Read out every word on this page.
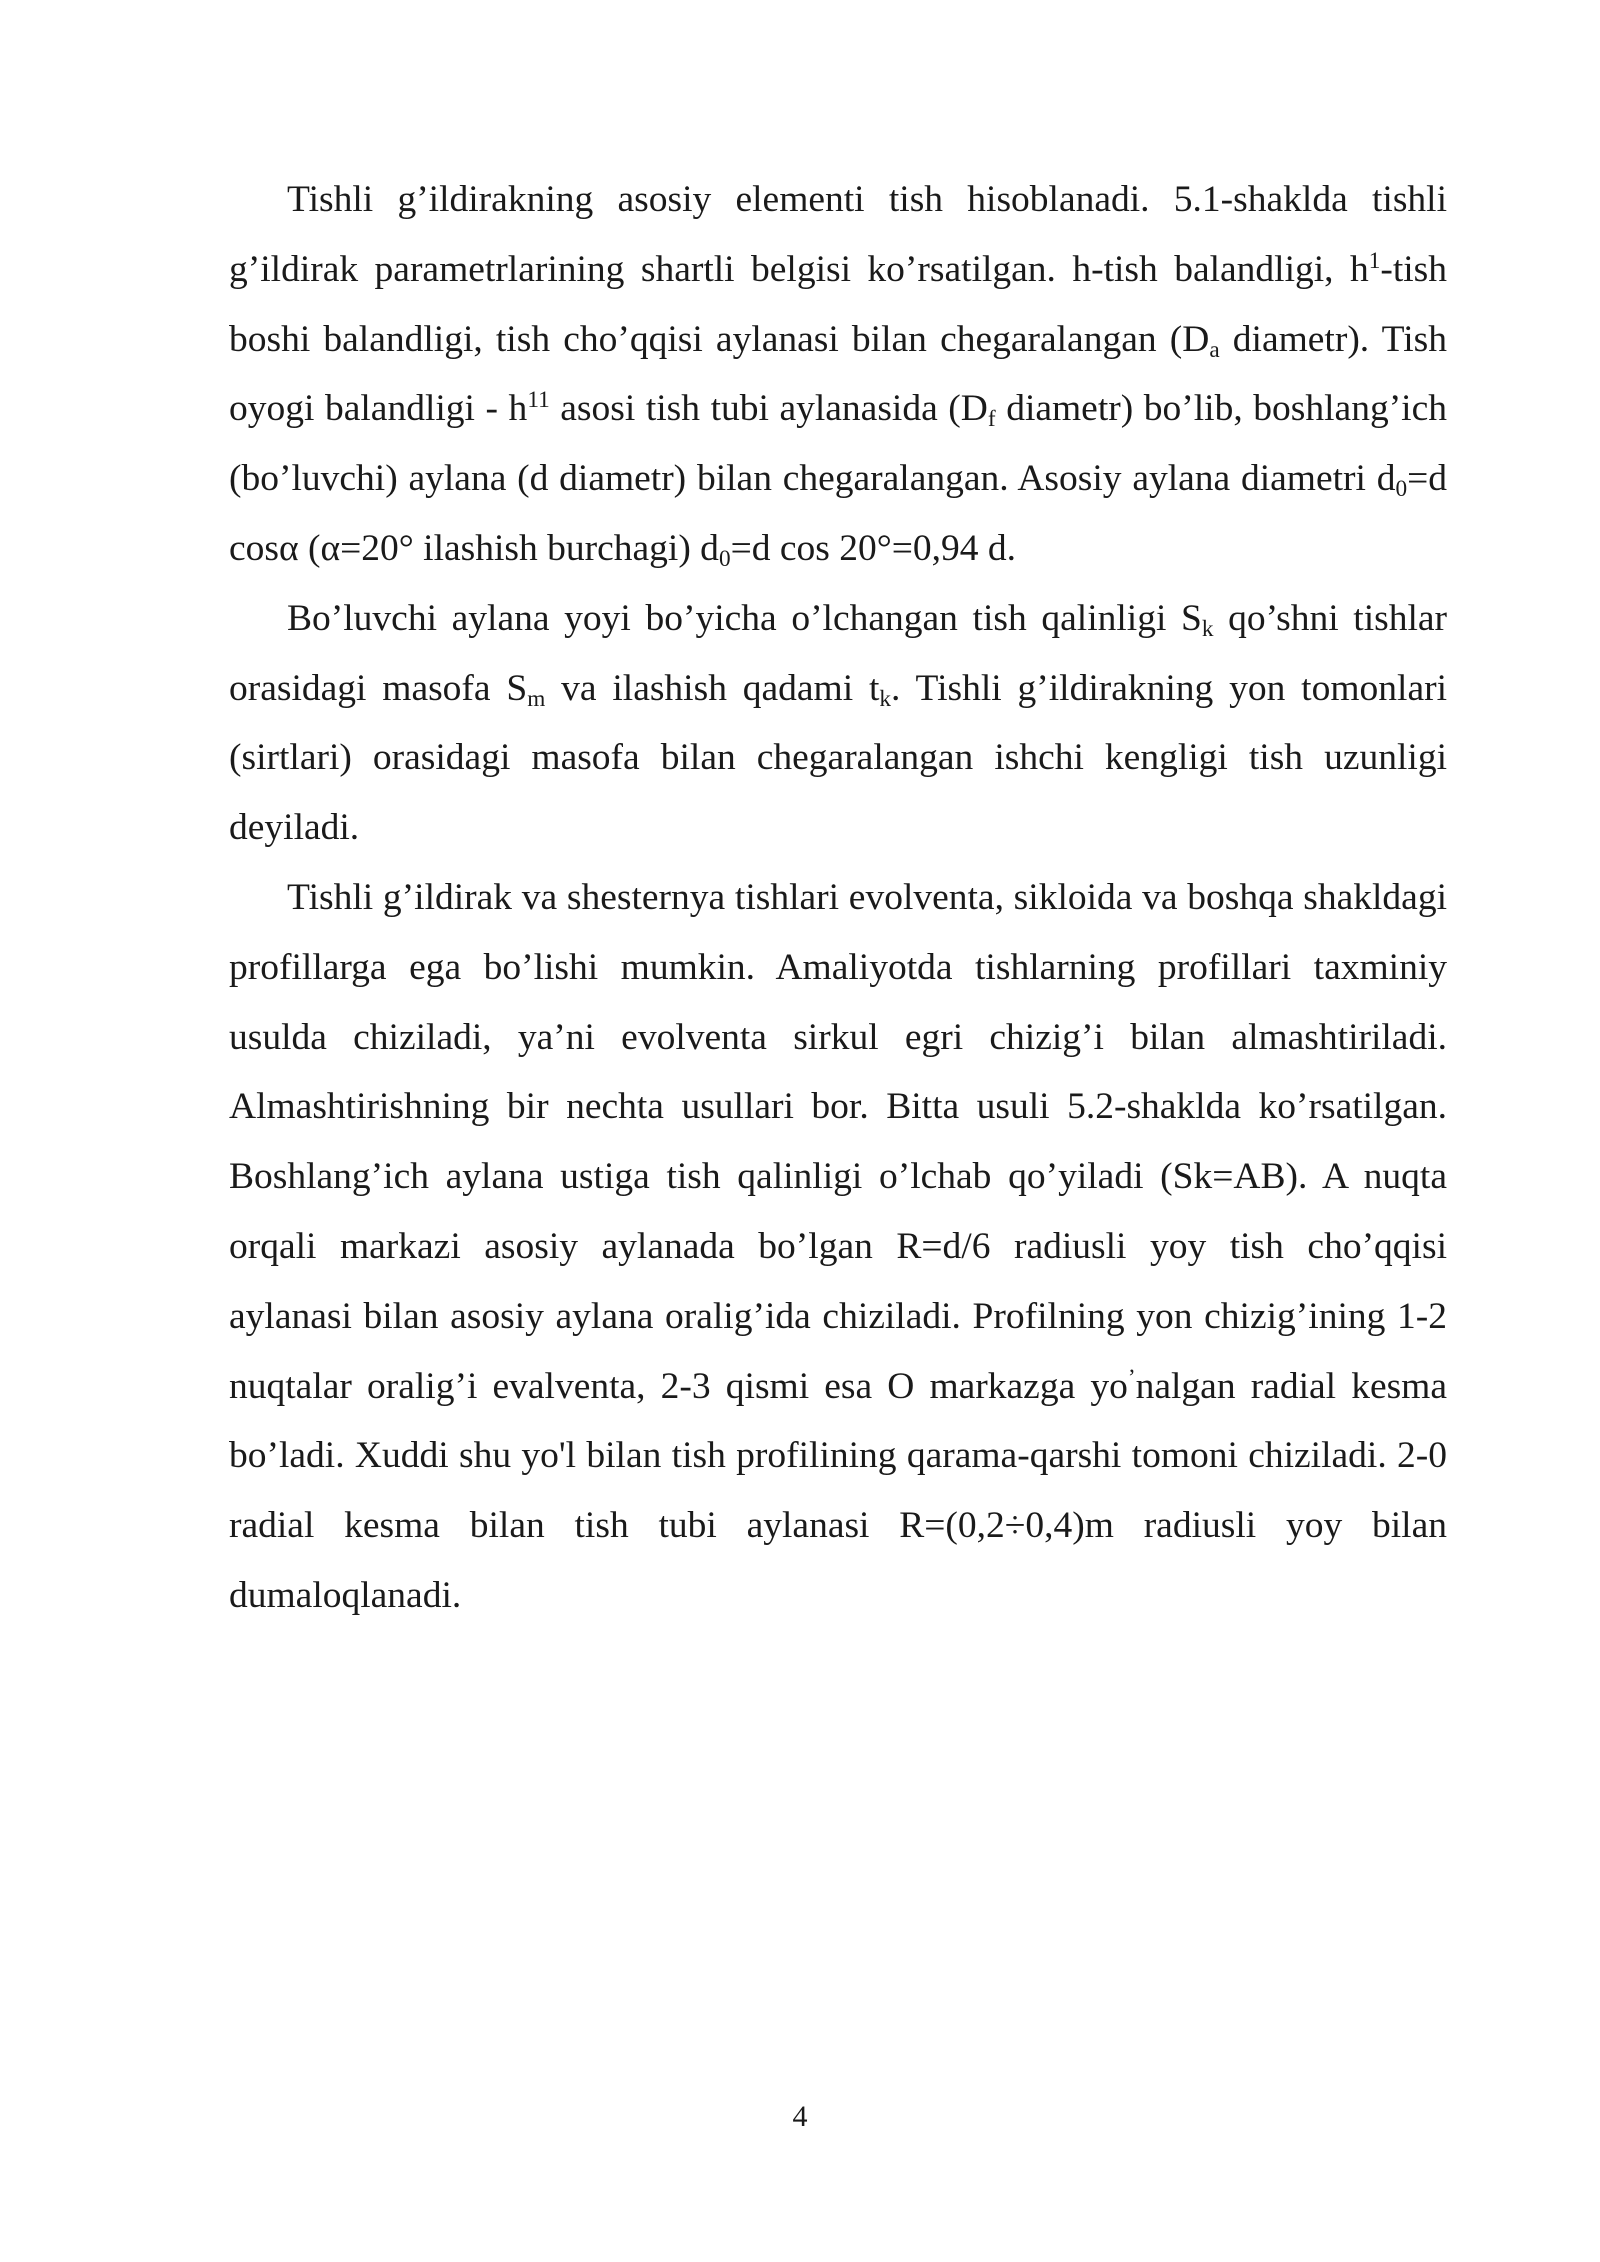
Tishli g’ildirakning asosiy elementi tish hisoblanadi. 5.1-shaklda tishli g’ildirak parametrlarining shartli belgisi ko’rsatilgan. h-tish balandligi, $h^1$-tish boshi balandligi, tish cho’qqisi aylanasi bilan chegaralangan ($D_a$ diametr). Tish oyogi balandligi - $h^{11}$ asosi tish tubi aylanasida ($D_f$ diametr) bo’lib, boshlang’ich (bo’luvchi) aylana (d diametr) bilan chegaralangan. Asosiy aylana diametri $d_0=d$ cosα (α=20° ilashish burchagi) $d_0=d$ cos 20°=0,94 d.

Bo’luvchi aylana yoyi bo’yicha o’lchangan tish qalinligi $S_k$ qo’shni tishlar orasidagi masofa $S_m$ va ilashish qadami $t_k$. Tishli g’ildirakning yon tomonlari (sirtlari) orasidagi masofa bilan chegaralangan ishchi kengligi tish uzunligi deyiladi.

Tishli g’ildirak va shesternya tishlari evolventa, sikloida va boshqa shakldagi profillarga ega bo’lishi mumkin. Amaliyotda tishlarning profillari taxminiy usulda chiziladi, ya’ni evolventa sirkul egri chizig’i bilan almashtiriladi. Almashtirishning bir nechta usullari bor. Bitta usuli 5.2-shaklda ko’rsatilgan. Boshlang’ich aylana ustiga tish qalinligi o’lchab qo’yiladi (Sk=AB). A nuqta orqali markazi asosiy aylanada bo’lgan R=d/6 radiusli yoy tish cho’qqisi aylanasi bilan asosiy aylana oralig’ida chiziladi. Profilning yon chizig’ining 1-2 nuqtalar oralig’i evalventa, 2-3 qismi esa O markazga yo’nalgan radial kesma bo’ladi. Xuddi shu yo'l bilan tish profilining qarama-qarshi tomoni chiziladi. 2-0 radial kesma bilan tish tubi aylanasi R=(0,2÷0,4)m radiusli yoy bilan dumaloqlanadi.

4
